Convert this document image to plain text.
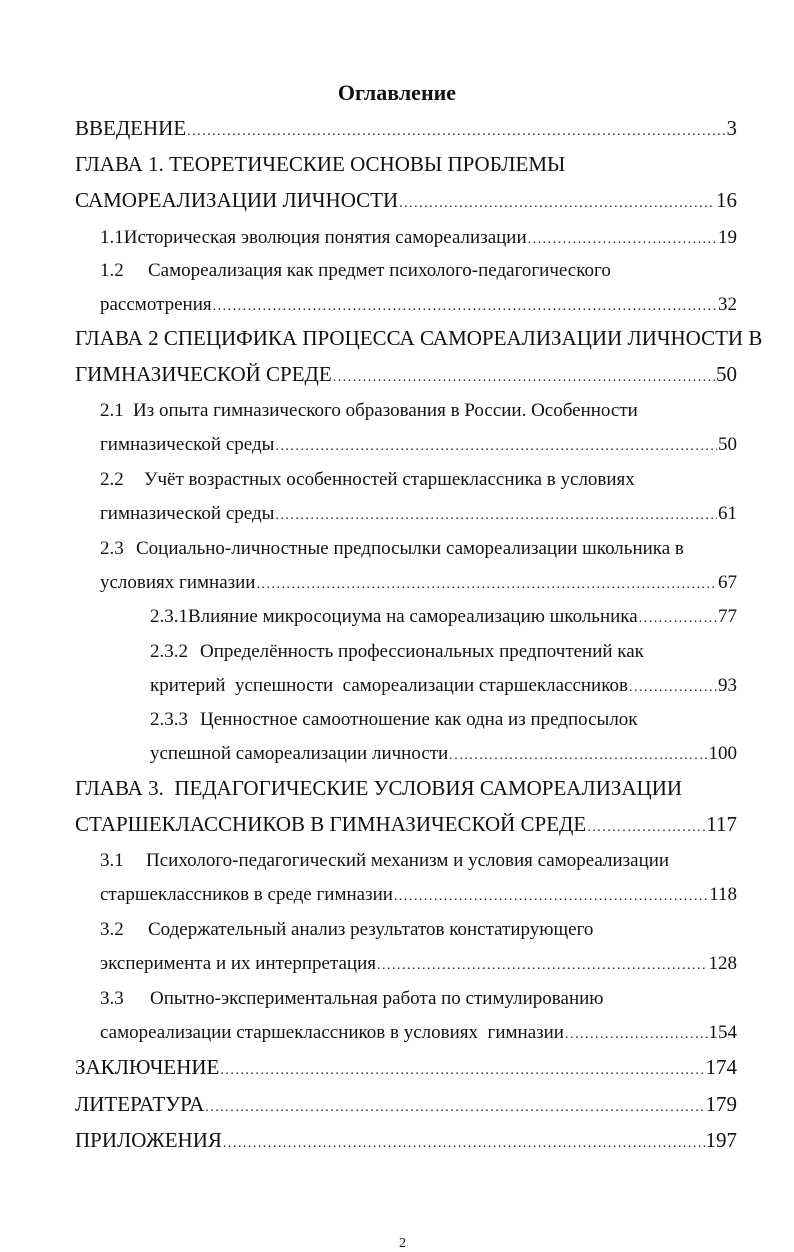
Оглавление
ВВЕДЕНИЕ . . .	3
ГЛАВА 1. ТЕОРЕТИЧЕСКИЕ ОСНОВЫ ПРОБЛЕМЫ
САМОРЕАЛИЗАЦИИ ЛИЧНОСТИ . . .	16
1.1 Историческая эволюция понятия самореализации . . .	19
1.2	Самореализация как предмет психолого-педагогического
рассмотрения . . .	32
ГЛАВА 2 СПЕЦИФИКА ПРОЦЕССА САМОРЕАЛИЗАЦИИ ЛИЧНОСТИ В
ГИМНАЗИЧЕСКОЙ СРЕДЕ . . .	50
2.1 Из опыта гимназического образования в России. Особенности
гимназической среды . . .	50
2.2	Учёт возрастных особенностей старшеклассника в условиях
гимназической среды . . .	61
2.3 Социально-личностные предпосылки самореализации школьника в
условиях гимназии . . .	67
2.3.1 Влияние микросоциума на самореализацию школьника . . .	77
2.3.2 Определённость профессиональных предпочтений как
критерий  успешности  самореализации старшеклассников . . .	93
2.3.3 Ценностное самоотношение как одна из предпосылок
успешной самореализации личности . . .	100
ГЛАВА 3.  ПЕДАГОГИЧЕСКИЕ УСЛОВИЯ САМОРЕАЛИЗАЦИИ
СТАРШЕКЛАССНИКОВ В ГИМНАЗИЧЕСКОЙ СРЕДЕ . . .	117
3.1	Психолого-педагогический механизм и условия самореализации
старшеклассников в среде гимназии . . .	118
3.2	Содержательный анализ результатов констатирующего
эксперимента и их интерпретация . . .	128
3.3	Опытно-экспериментальная работа по стимулированию
самореализации старшеклассников в условиях  гимназии . . .	154
ЗАКЛЮЧЕНИЕ . . .	174
ЛИТЕРАТУРА . . .	179
ПРИЛОЖЕНИЯ . . .	197
2
